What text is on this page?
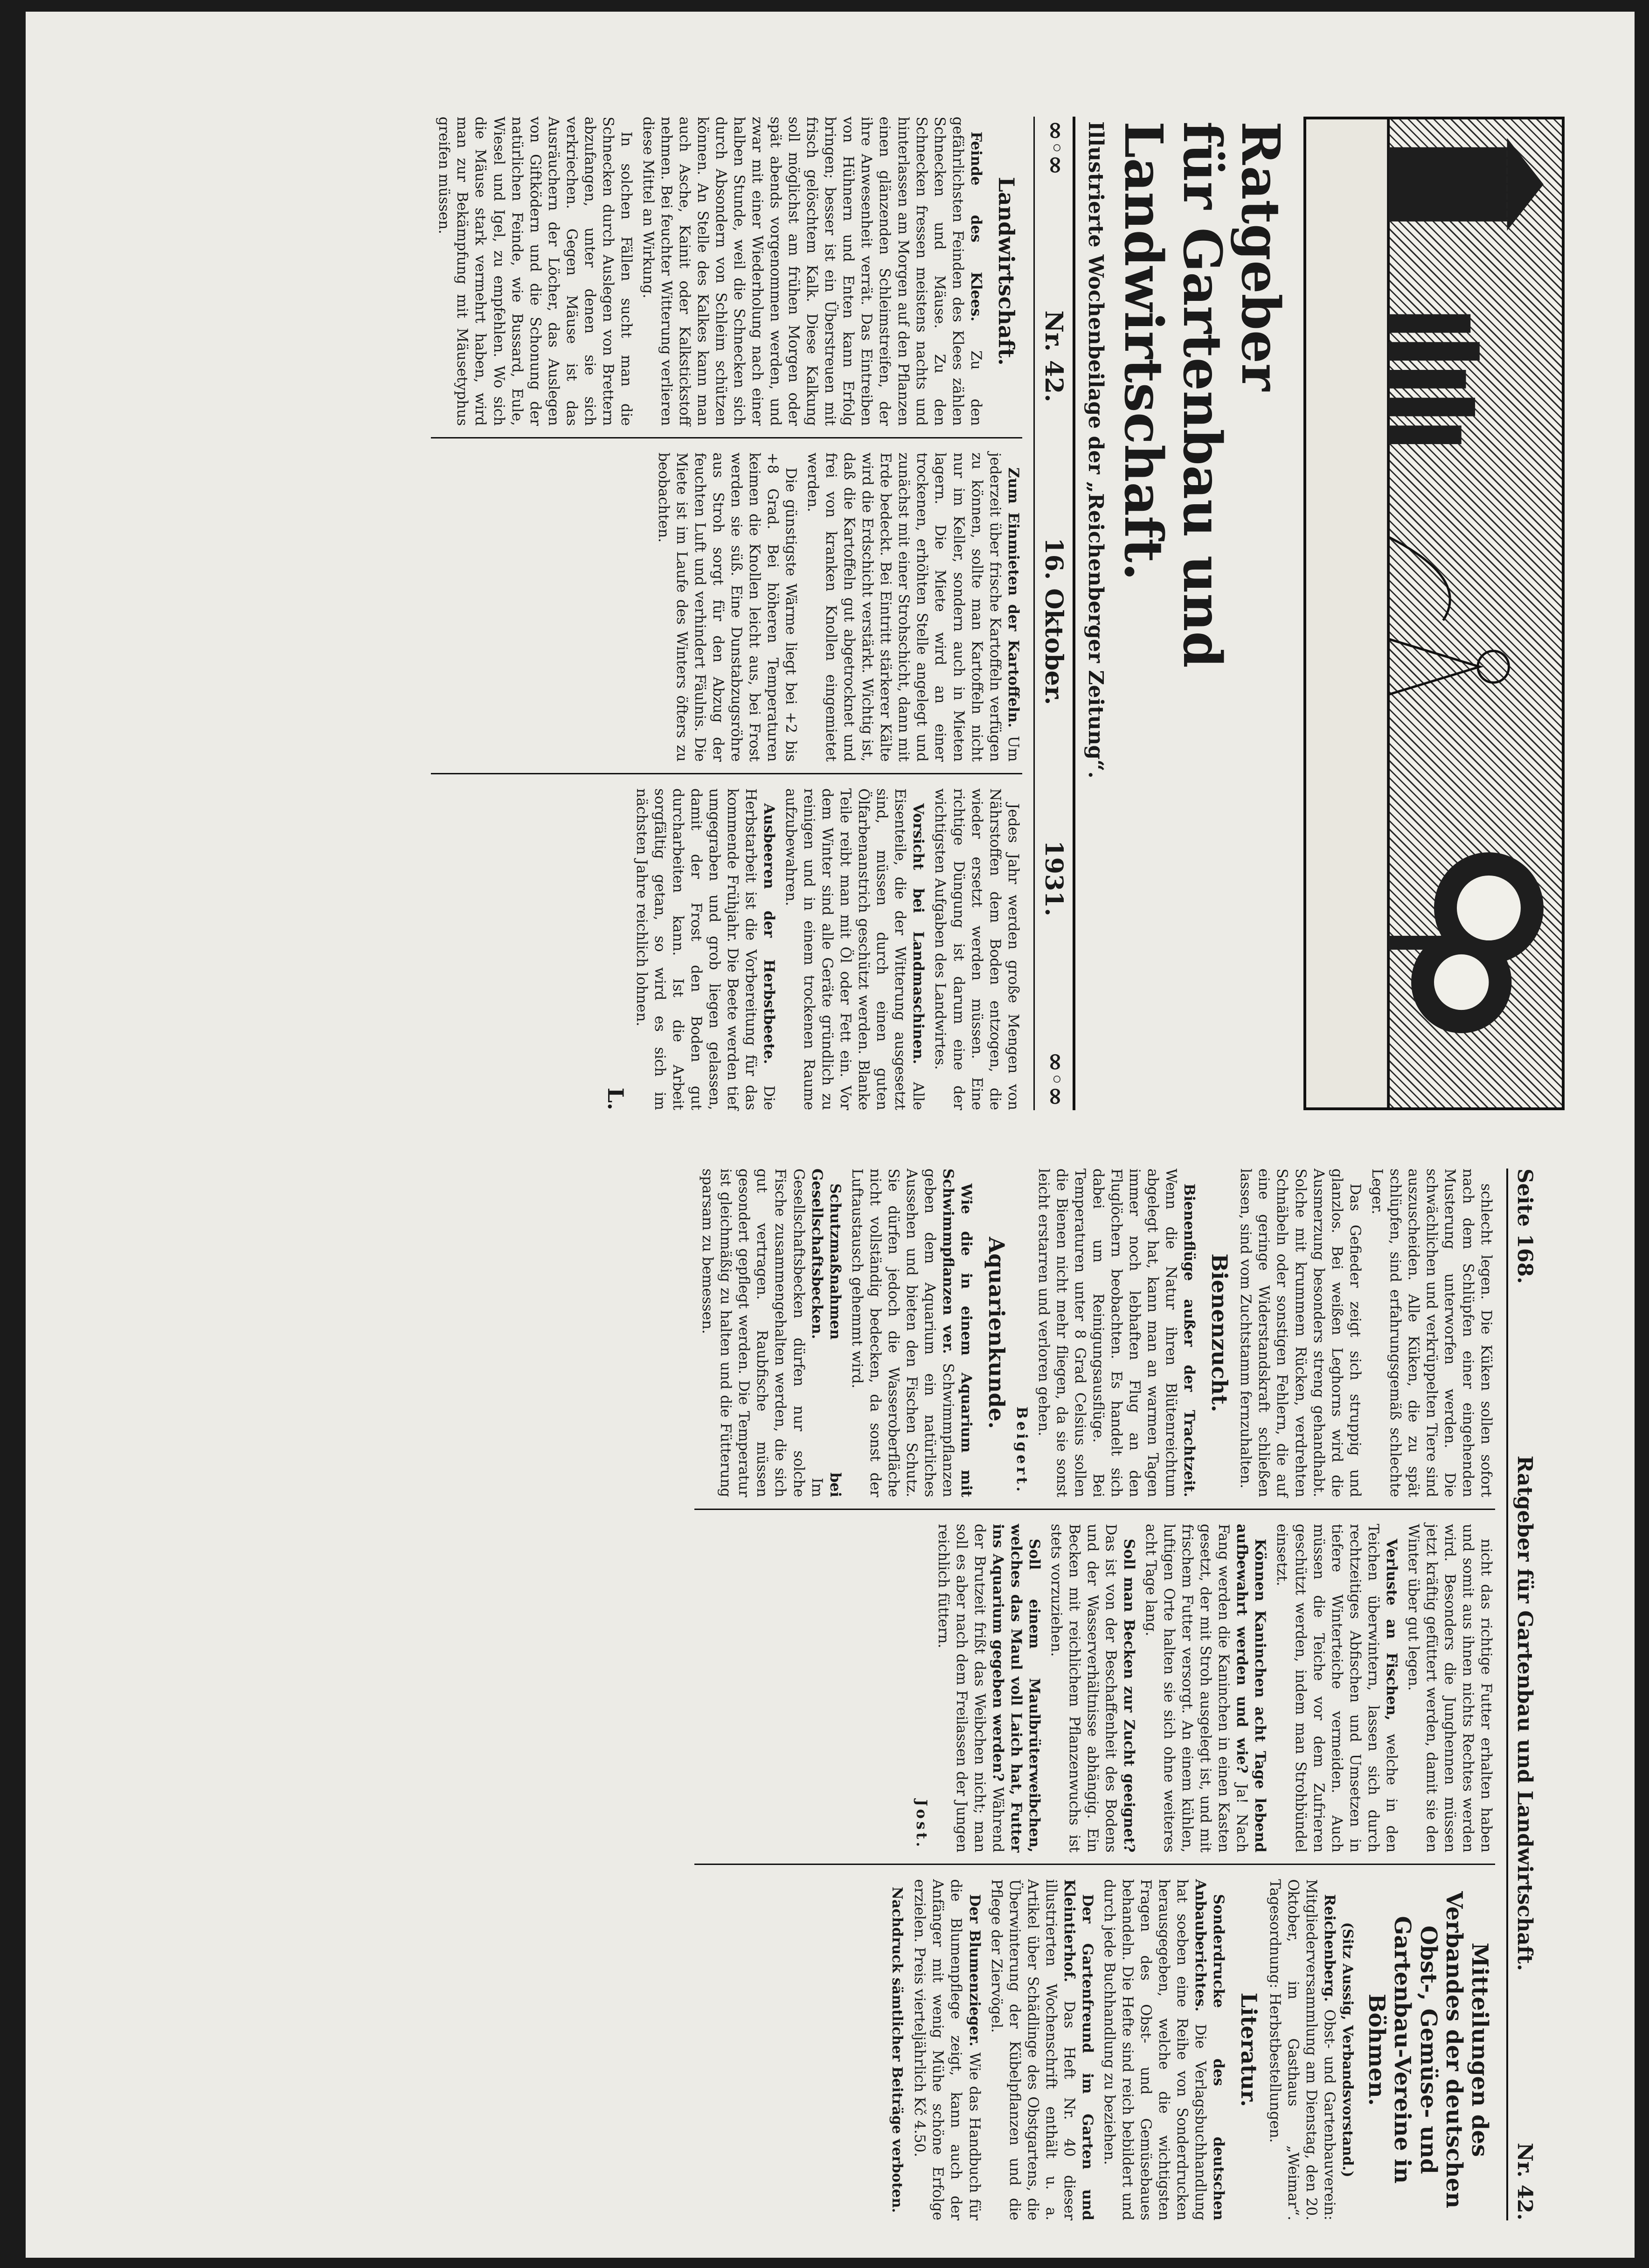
Ratgeber
für Gartenbau und Landwirtschaft.
Illustrierte Wochenbeilage der „Reichenberger Zeitung“.
∞◦∞
Nr. 42.
16. Oktober.
1931.
∞◦∞
Landwirtschaft.

Feinde des Klees. Zu den gefährlichsten Feinden des Klees zählen Schnecken und Mäuse. Zu den Schnecken fressen meistens nachts und hinterlassen am Morgen auf den Pflanzen einen glänzenden Schleimstreifen, der ihre Anwesenheit verrät. Das Eintreiben von Hühnern und Enten kann Erfolg bringen; besser ist ein Überstreuen mit frisch gelöschtem Kalk. Diese Kalkung soll möglichst am frühen Morgen oder spät abends vorgenommen werden, und zwar mit einer Wiederholung nach einer halben Stunde, weil die Schnecken sich durch Absondern von Schleim schützen können. An Stelle des Kalkes kann man auch Asche, Kainit oder Kalkstickstoff nehmen. Bei feuchter Witterung verlieren diese Mittel an Wirkung.

In solchen Fällen sucht man die Schnecken durch Auslegen von Brettern abzufangen, unter denen sie sich verkriechen. Gegen Mäuse ist das Ausräuchern der Löcher, das Auslegen von Giftködern und die Schonung der natürlichen Feinde, wie Bussard, Eule, Wiesel und Igel, zu empfehlen. Wo sich die Mäuse stark vermehrt haben, wird man zur Bekämpfung mit Mäusetyphus greifen müssen.

Zum Einmieten der Kartoffeln. Um jederzeit über frische Kartoffeln verfügen zu können, sollte man Kartoffeln nicht nur im Keller, sondern auch in Mieten lagern. Die Miete wird an einer trockenen, erhöhten Stelle angelegt und zunächst mit einer Strohschicht, dann mit Erde bedeckt. Bei Eintritt stärkerer Kälte wird die Erdschicht verstärkt. Wichtig ist, daß die Kartoffeln gut abgetrocknet und frei von kranken Knollen eingemietet werden.

Die günstigste Wärme liegt bei +2 bis +8 Grad. Bei höheren Temperaturen keimen die Knollen leicht aus, bei Frost werden sie süß. Eine Dunstabzugsröhre aus Stroh sorgt für den Abzug der feuchten Luft und verhindert Fäulnis. Die Miete ist im Laufe des Winters öfters zu beobachten.

Jedes Jahr werden große Mengen von Nährstoffen dem Boden entzogen, die wieder ersetzt werden müssen. Eine richtige Düngung ist darum eine der wichtigsten Aufgaben des Landwirtes.

Vorsicht bei Landmaschinen. Alle Eisenteile, die der Witterung ausgesetzt sind, müssen durch einen guten Ölfarbenanstrich geschützt werden. Blanke Teile reibt man mit Öl oder Fett ein. Vor dem Winter sind alle Geräte gründlich zu reinigen und in einem trockenen Raume aufzubewahren.

Ausbeeren der Herbstbeete. Die Herbstarbeit ist die Vorbereitung für das kommende Frühjahr. Die Beete werden tief umgegraben und grob liegen gelassen, damit der Frost den Boden gut durcharbeiten kann. Ist die Arbeit sorgfältig getan, so wird es sich im nächsten Jahre reichlich lohnen.

L.
Seite 168.
Ratgeber für Gartenbau und Landwirtschaft.
Nr. 42.

schlecht legen. Die Küken sollen sofort nach dem Schlüpfen einer eingehenden Musterung unterworfen werden. Die schwächlichen und verkrüppelten Tiere sind auszuscheiden. Alle Küken, die zu spät schlüpfen, sind erfahrungsgemäß schlechte Leger.

Das Gefieder zeigt sich struppig und glanzlos. Bei weißen Leghorns wird die Ausmerzung besonders streng gehandhabt. Solche mit krummem Rücken, verdrehten Schnäbeln oder sonstigen Fehlern, die auf eine geringe Widerstandskraft schließen lassen, sind vom Zuchtstamm fernzuhalten.

Bienenzucht.

Bienenflüge außer der Trachtzeit. Wenn die Natur ihren Blütenreichtum abgelegt hat, kann man an warmen Tagen immer noch lebhaften Flug an den Fluglöchern beobachten. Es handelt sich dabei um Reinigungsausflüge. Bei Temperaturen unter 8 Grad Celsius sollen die Bienen nicht mehr fliegen, da sie sonst leicht erstarren und verloren gehen.

Beigert.
Aquarienkunde.

Wie die in einem Aquarium mit Schwimmpflanzen ver. Schwimmpflanzen geben dem Aquarium ein natürliches Aussehen und bieten den Fischen Schutz. Sie dürfen jedoch die Wasseroberfläche nicht vollständig bedecken, da sonst der Luftaustausch gehemmt wird.

Schutzmaßnahmen bei Gesellschaftsbecken. Im Gesellschaftsbecken dürfen nur solche Fische zusammengehalten werden, die sich gut vertragen. Raubfische müssen gesondert gepflegt werden. Die Temperatur ist gleichmäßig zu halten und die Fütterung sparsam zu bemessen.

nicht das richtige Futter erhalten haben und somit aus ihnen nichts Rechtes werden wird. Besonders die Junghennen müssen jetzt kräftig gefüttert werden, damit sie den Winter über gut legen.

Verluste an Fischen, welche in den Teichen überwintern, lassen sich durch rechtzeitiges Abfischen und Umsetzen in tiefere Winterteiche vermeiden. Auch müssen die Teiche vor dem Zufrieren geschützt werden, indem man Strohbündel einsetzt.

Können Kaninchen acht Tage lebend aufbewahrt werden und wie? Ja! Nach Fang werden die Kaninchen in einen Kasten gesetzt, der mit Stroh ausgelegt ist, und mit frischem Futter versorgt. An einem kühlen, luftigen Orte halten sie sich ohne weiteres acht Tage lang.

Soll man Becken zur Zucht geeignet? Das ist von der Beschaffenheit des Bodens und der Wasserverhältnisse abhängig. Ein Becken mit reichlichem Pflanzenwuchs ist stets vorzuziehen.

Soll einem Maulbrüterweibchen, welches das Maul voll Laich hat, Futter ins Aquarium gegeben werden? Während der Brutzeit frißt das Weibchen nicht; man soll es aber nach dem Freilassen der Jungen reichlich füttern.

Jost.
Mitteilungen des Verbandes der deutschen Obst-, Gemüse- und Gartenbau-Vereine in Böhmen.
(Sitz Aussig, Verbandsvorstand.)

Reichenberg. Obst- und Gartenbauverein: Mitgliederversammlung am Dienstag, den 20. Oktober, im Gasthaus „Weimar“. Tagesordnung: Herbstbestellungen.

Literatur.

Sonderdrucke des deutschen Anbauberichtes. Die Verlagsbuchhandlung hat soeben eine Reihe von Sonderdrucken herausgegeben, welche die wichtigsten Fragen des Obst- und Gemüsebaues behandeln. Die Hefte sind reich bebildert und durch jede Buchhandlung zu beziehen.

Der Gartenfreund im Garten und Kleintierhof. Das Heft Nr. 40 dieser illustrierten Wochenschrift enthält u. a. Artikel über Schädlinge des Obstgartens, die Überwinterung der Kübelpflanzen und die Pflege der Ziervögel.

Der Blumenzieger. Wie das Handbuch für die Blumenpflege zeigt, kann auch der Anfänger mit wenig Mühe schöne Erfolge erzielen. Preis vierteljährlich Kč 4.50.

Nachdruck sämtlicher Beiträge verboten.
